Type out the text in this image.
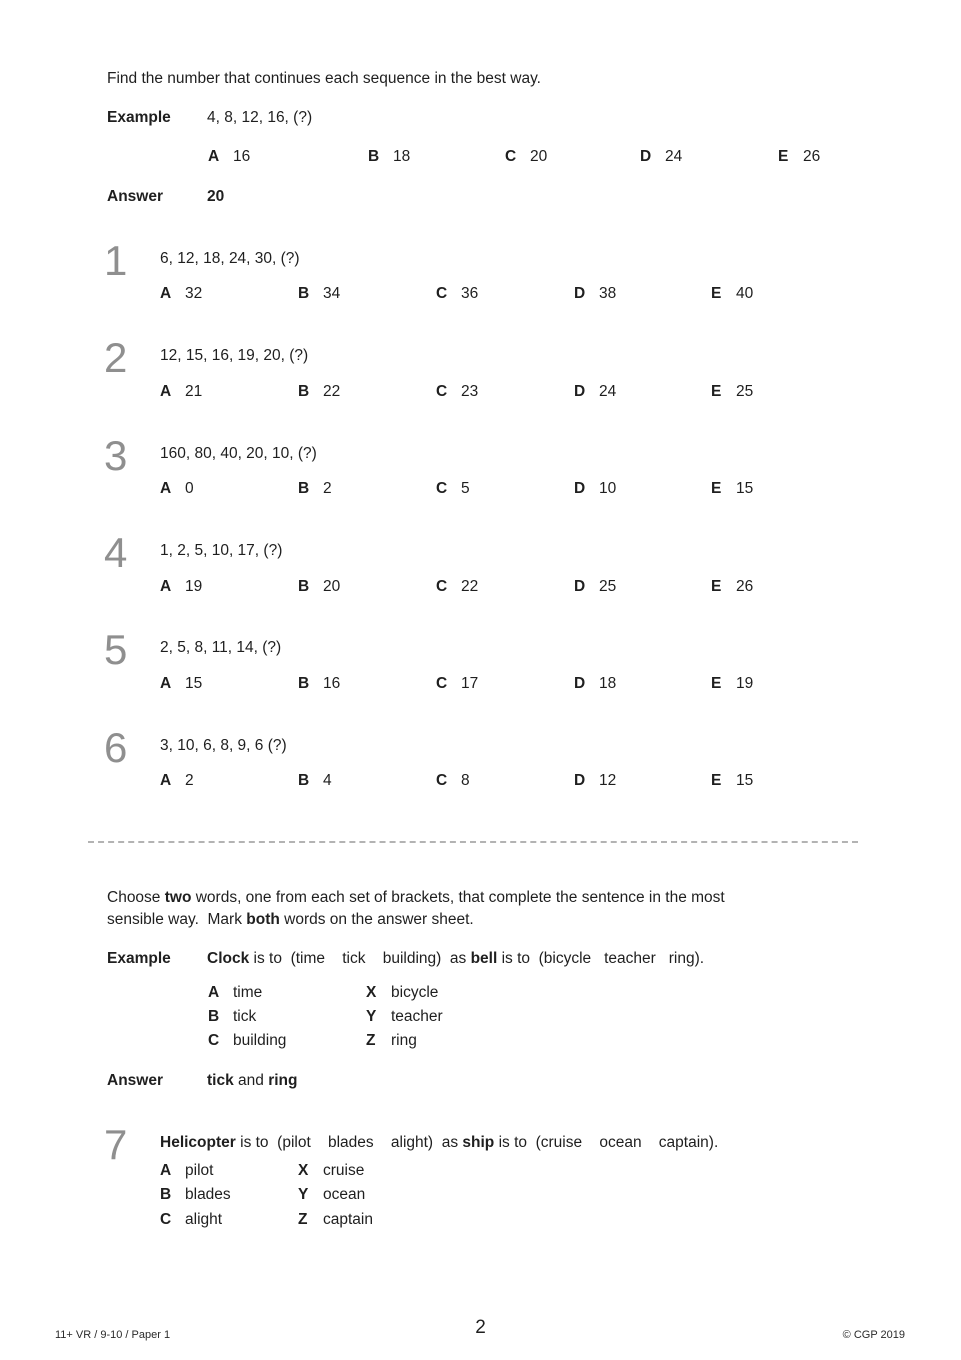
Find the number that continues each sequence in the best way.
Example 4, 8, 12, 16, (?)
A 16	B 18	C 20	D 24	E 26
Answer	20
1 6, 12, 18, 24, 30, (?)
A 32	B 34	C 36	D 38	E 40
2 12, 15, 16, 19, 20, (?)
A 21	B 22	C 23	D 24	E 25
3 160, 80, 40, 20, 10, (?)
A 0	B 2	C 5	D 10	E 15
4 1, 2, 5, 10, 17, (?)
A 19	B 20	C 22	D 25	E 26
5 2, 5, 8, 11, 14, (?)
A 15	B 16	C 17	D 18	E 19
6 3, 10, 6, 8, 9, 6 (?)
A 2	B 4	C 8	D 12	E 15
Choose two words, one from each set of brackets, that complete the sentence in the most
sensible way.  Mark both words on the answer sheet.
Example Clock is to  (time    tick    building)  as bell is to  (bicycle   teacher   ring).
A time	X bicycle
B tick	Y teacher
C building	Z ring
Answer	tick and ring
7 Helicopter is to  (pilot    blades    alight)  as ship is to  (cruise    ocean    captain).
A pilot	X cruise
B blades	Y ocean
C alight	Z captain
11+ VR / 9-10 / Paper 1	2	© CGP 2019
